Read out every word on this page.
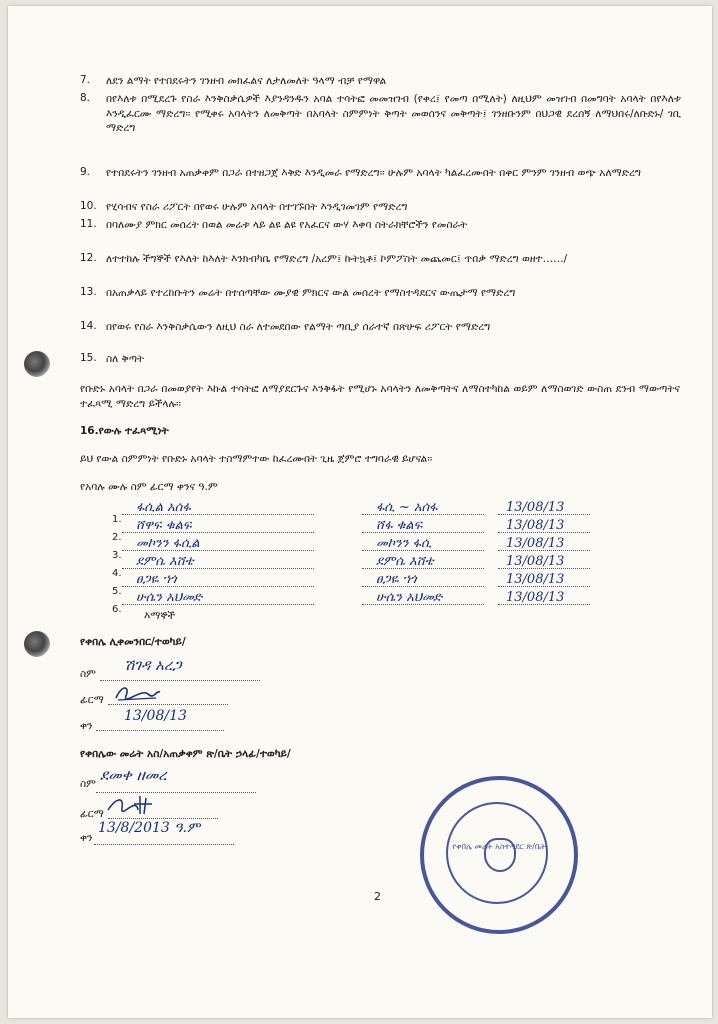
7.	ለደን ልማት የተበደሩትን ገንዘብ መክፈልና ለታለመለት ዓላማ ብቻ የማዋል
8.	በየእለቱ በሚደረጉ የስራ እንቅስቃሴዎች እያንዳንዱን አባል ተሳትፎ መመዝገብ (የቀረ፤ የመጣ በሚለት) ለዚህም መዝገብ በመግባት አባላት በየእለቱ እንዲፈርሙ ማድረግ፡፡ የሚቀሩ አባላትን ለመቅጣት በአባላት ስምምነት ቅጣት መወሰንና መቅጣት፤ ገንዘቡንም በህጋዊ ደረሰኝ ለማህበሩ/ለቡድኑ/ ገቢ ማድረግ
9.	የተበደሩትን ገንዘብ አጠቃቀም በጋራ በተዘጋጀ እቅድ እንዲመራ የማድረግ፡፡ ሁሉም አባላት ካልፈረሙበት በቀር ምንም ገንዘብ ወጭ አለማድረግ
10. የሂሳብና የስራ ሪፖርት በየወሩ ሁሉም አባላት በተገኙበት እንዲገመገም የማድረግ
11. በባለሙያ ምክር መሰረት በወል መሬቱ ላይ ልዩ ልዩ የአፈርና ውሃ እቀባ ስትራክቸሮችን የመስራት
12. ለተተከሉ ችግኞች የእለት ከእለት እንክብካቤ የማድረግ /አረም፤ ኩትኳቶ፤ ኮምፖስት መጨመር፤ ጥበቃ ማድረግ ወዘተ……/
13. በአጠቃላይ የተረከቡትን መሬት በተሰጣቸው ሙያዊ ምክርና ውል መሰረት የማስተዳደርና ውጤታማ የማድረግ
14. በየወሩ የስራ እንቅስቃሴውን ለዚህ ስራ ለተመደበው የልማት ጣቢያ ሰራተኛ በጽሁፍ ሪፖርት የማድረግ
15. ስለ ቅጣት
የቡድኑ አባላት በጋራ በመወያየት እኩል ተሳትፎ ለማያደርጉና እንቅፋት የሚሆኑ አባላትን ለመቅጣትና ለማስተካከል ወይም ለማስወገድ ውስጠ ደንብ ማውጣትና ተፈጻሚ ማድረግ ይችላሉ፡፡
16.የውሉ ተፈጻሚነት
ይህ የውል ስምምነት የቡድኑ አባላት ተስማምተው ከፈረሙበት ጊዜ ጀምሮ ተግባራዊ ይሆናል፡፡
የአባሉ ሙሉ ስም ፊርማ ቀንና ዓ.ም
1.
ፋሲል አሰፋ	ፋሲ ~ አሰፋ	13/08/13
2.
ሸዋፍ ቁልፍ	ሸፋ ቁልፍ	13/08/13
3.
መኮንን ፋሲል	መኮንን ፋሲ	13/08/13
4.
ደምሴ እሸቴ	ደምሴ እሸቴ	13/08/13
5.
ፀጋዬ ኀጎ	ፀጋዬ ኀጎ	13/08/13
6.
ሁሴን አህመድ	ሁሴን አህመድ	13/08/13
እማኞች
የቀበሌ ሊቀመንበር/ተወካይ/
ስም ሽገዳ አረጋ
ፊርማ
ቀን
13/08/13
የቀበሌው መሬት አስ/አጠቃቀም ጽ/ቤት ኃላፊ/ተወካይ/
ስም ደመቀ ዘመረ
ፊርማ
ቀን
13/8/2013 ዓ.ም
2
የቀበሌ መሬት አስተዳደር ጽ/ቤት
